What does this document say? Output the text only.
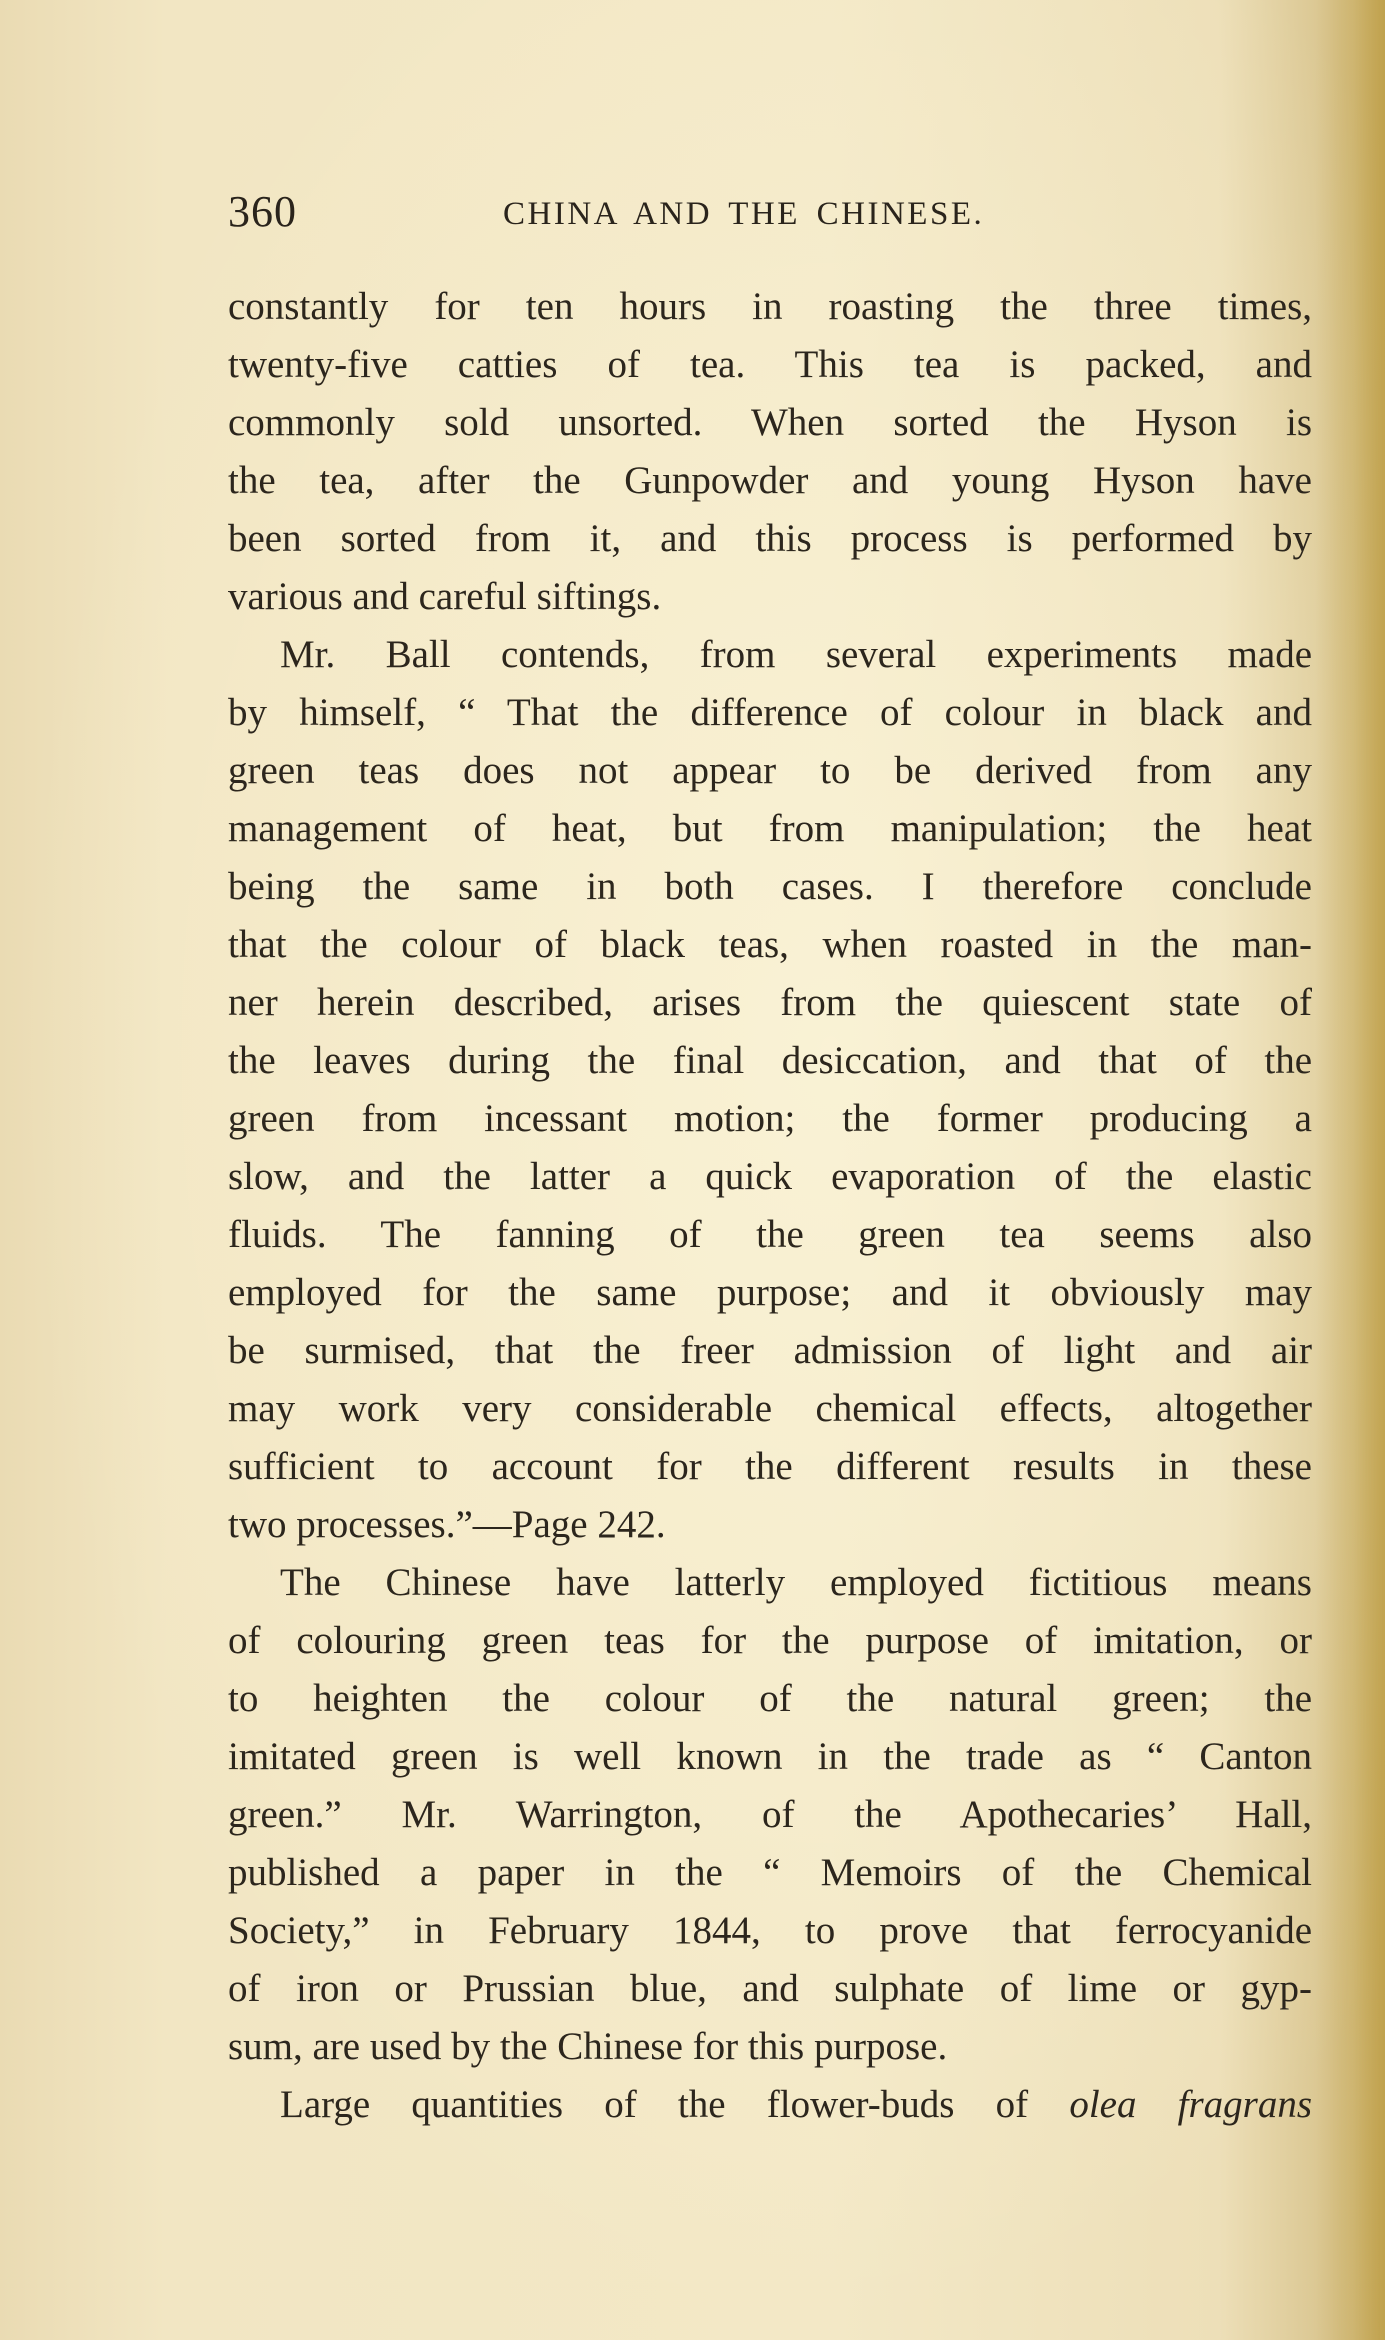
360	CHINA AND THE CHINESE.
constantly for ten hours in roasting the three times,
twenty-five catties of tea. This tea is packed, and
commonly sold unsorted. When sorted the Hyson is
the tea, after the Gunpowder and young Hyson have
been sorted from it, and this process is performed by
various and careful siftings.
Mr. Ball contends, from several experiments made
by himself, “ That the difference of colour in black and
green teas does not appear to be derived from any
management of heat, but from manipulation; the heat
being the same in both cases. I therefore conclude
that the colour of black teas, when roasted in the man-
ner herein described, arises from the quiescent state of
the leaves during the final desiccation, and that of the
green from incessant motion; the former producing a
slow, and the latter a quick evaporation of the elastic
fluids. The fanning of the green tea seems also
employed for the same purpose; and it obviously may
be surmised, that the freer admission of light and air
may work very considerable chemical effects, altogether
sufficient to account for the different results in these
two processes.”—Page 242.
The Chinese have latterly employed fictitious means
of colouring green teas for the purpose of imitation, or
to heighten the colour of the natural green; the
imitated green is well known in the trade as “ Canton
green.” Mr. Warrington, of the Apothecaries’ Hall,
published a paper in the “ Memoirs of the Chemical
Society,” in February 1844, to prove that ferrocyanide
of iron or Prussian blue, and sulphate of lime or gyp-
sum, are used by the Chinese for this purpose.
Large quantities of the flower-buds of olea fragrans
